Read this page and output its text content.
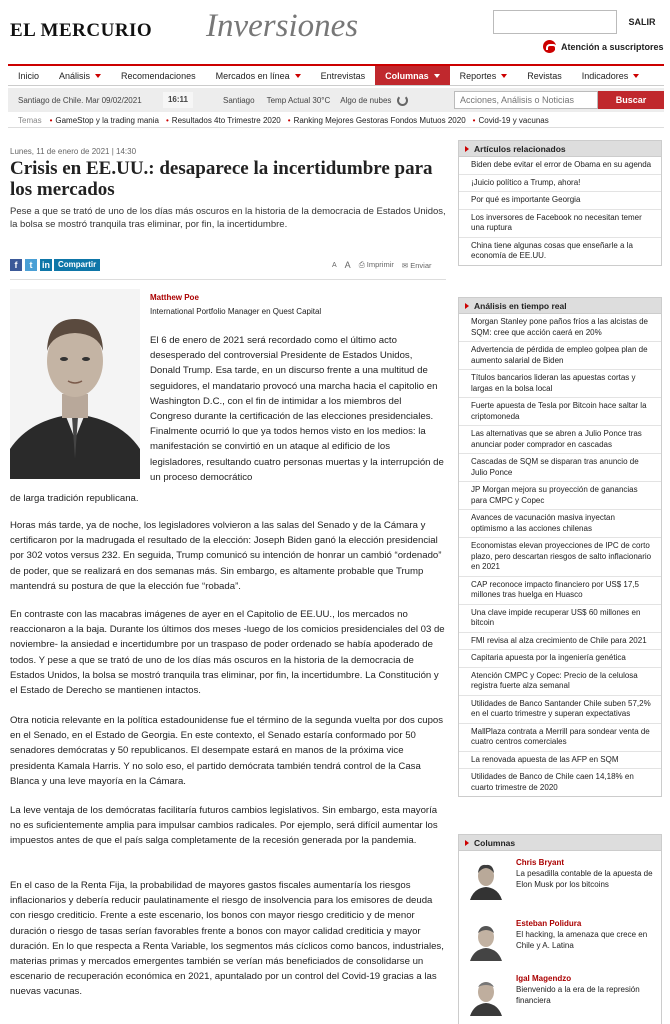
EL MERCURIO Inversiones	SALIR
Atención a suscriptores
Inicio Análisis	Recomendaciones Mercados en línea	Entrevistas Columnas	Reportes	Revistas Indicadores
Santiago de Chile. Mar 09/02/2021	16:11	Santiago Temp Actual 30°C Algo de nubes
Acciones, Análisis o Noticias	Buscar
Temas	• GameStop y la trading mania	• Resultados 4to Trimestre 2020	• Ranking Mejores Gestoras Fondos Mutuos 2020	• Covid-19 y vacunas
Lunes, 11 de enero de 2021 | 14:30
Crisis en EE.UU.: desaparece la incertidumbre para los mercados

Pese a que se trató de uno de los días más oscuros en la historia de la democracia de Estados Unidos, la bolsa se mostró tranquila tras eliminar, por fin, la incertidumbre.

f	t	in	Compartir	A A ⎙ Imprimir ✉ Enviar
Matthew Poe
International Portfolio Manager en Quest Capital

El 6 de enero de 2021 será recordado como el último acto desesperado del controversial Presidente de Estados Unidos, Donald Trump. Esa tarde, en un discurso frente a una multitud de seguidores, el mandatario provocó una marcha hacia el capitolio en Washington D.C., con el fin de intimidar a los miembros del Congreso durante la certificación de las elecciones presidenciales. Finalmente ocurrió lo que ya todos hemos visto en los medios: la manifestación se convirtió en un ataque al edificio de los legisladores, resultando cuatro personas muertas y la interrupción de un proceso democrático

de larga tradición republicana.

Horas más tarde, ya de noche, los legisladores volvieron a las salas del Senado y de la Cámara y certificaron por la madrugada el resultado de la elección: Joseph Biden ganó la elección presidencial por 302 votos versus 232. En seguida, Trump comunicó su intención de honrar un cambió “ordenado” de poder, que se realizará en dos semanas más. Sin embargo, es altamente probable que Trump mantendrá su postura de que la elección fue “robada”.

En contraste con las macabras imágenes de ayer en el Capitolio de EE.UU., los mercados no reaccionaron a la baja. Durante los últimos dos meses -luego de los comicios presidenciales del 03 de noviembre- la ansiedad e incertidumbre por un traspaso de poder ordenado se había apoderado de todos. Y pese a que se trató de uno de los días más oscuros en la historia de la democracia de Estados Unidos, la bolsa se mostró tranquila tras eliminar, por fin, la incertidumbre. La Constitución y el Estado de Derecho se mantienen intactos.

Otra noticia relevante en la política estadounidense fue el término de la segunda vuelta por dos cupos en el Senado, en el Estado de Georgia. En este contexto, el Senado estaría conformado por 50 senadores demócratas y 50 republicanos. El desempate estará en manos de la próxima vice presidenta Kamala Harris. Y no solo eso, el partido demócrata también tendrá control de la Casa Blanca y una leve mayoría en la Cámara.

La leve ventaja de los demócratas facilitaría futuros cambios legislativos. Sin embargo, esta mayoría no es suficientemente amplia para impulsar cambios radicales. Por ejemplo, será difícil aumentar los impuestos antes de que el país salga completamente de la recesión generada por la pandemia.

En el caso de la Renta Fija, la probabilidad de mayores gastos fiscales aumentaría los riesgos inflacionarios y debería reducir paulatinamente el riesgo de insolvencia para los emisores de deuda con riesgo crediticio. Frente a este escenario, los bonos con mayor riesgo crediticio y de menor duración o riesgo de tasas serían favorables frente a bonos con mayor calidad crediticia y mayor duración. En lo que respecta a Renta Variable, los segmentos más cíclicos como bancos, industriales, materias primas y mercados emergentes también se verían más beneficiados de consolidarse un escenario de recuperación económica en 2021, apuntalado por un control del Covid-19 gracias a las nuevas vacunas.

Artículos relacionados
Biden debe evitar el error de Obama en su agenda
¡Juicio político a Trump, ahora!
Por qué es importante Georgia
Los inversores de Facebook no necesitan temer una ruptura
China tiene algunas cosas que enseñarle a la economía de EE.UU.
Análisis en tiempo real
Morgan Stanley pone paños fríos a las alcistas de SQM: cree que acción caerá en 20%
Advertencia de pérdida de empleo golpea plan de aumento salarial de Biden
Títulos bancarios lideran las apuestas cortas y largas en la bolsa local
Fuerte apuesta de Tesla por Bitcoin hace saltar la criptomoneda
Las alternativas que se abren a Julio Ponce tras anunciar poder comprador en cascadas
Cascadas de SQM se disparan tras anuncio de Julio Ponce
JP Morgan mejora su proyección de ganancias para CMPC y Copec
Avances de vacunación masiva inyectan optimismo a las acciones chilenas
Economistas elevan proyecciones de IPC de corto plazo, pero descartan riesgos de salto inflacionario en 2021
CAP reconoce impacto financiero por US$ 17,5 millones tras huelga en Huasco
Una clave impide recuperar US$ 60 millones en bitcoin
FMI revisa al alza crecimiento de Chile para 2021
Capitaria apuesta por la ingeniería genética
Atención CMPC y Copec: Precio de la celulosa registra fuerte alza semanal
Utilidades de Banco Santander Chile suben 57,2% en el cuarto trimestre y superan expectativas
MallPlaza contrata a Merrill para sondear venta de cuatro centros comerciales
La renovada apuesta de las AFP en SQM
Utilidades de Banco de Chile caen 14,18% en cuarto trimestre de 2020
Columnas
Chris Bryant
La pesadilla contable de la apuesta de Elon Musk por los bitcoins
Esteban Polidura
El hacking, la amenaza que crece en Chile y A. Latina
Igal Magendzo
Bienvenido a la era de la represión financiera
